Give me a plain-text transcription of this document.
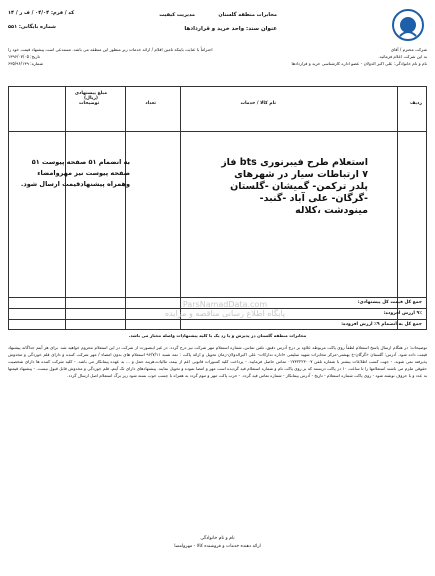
مخابرات منطقه گلستان
مدیریت کیفیت
کد / فرم: ۰۴/۰۴ / ف ر / ۱۴
عنوان سند: واحد خرید و قراردادها
شماره بایگانی: ۵۵۱
شرکت محترم / آقای
احتراماً با عنایت باینکه تامین اقلام / ارائه خدمات زیر منظور این منطقه می باشد. مستدعی است پیشنهاد قیمت خود را
به این شرکت اعلام فرمائید.
تاریخ: ۱۳۹۶/۰۷/۰۵
نام و نام خانوادگی: علی اکبر الدولان - عضو اداره کارشناسی خرید و قراردادها
شماره: ۶۳۵/۹۶/۱۳۹
ردیف
نام کالا / خدمات
تعداد
مبلغ پیشنهادی (ریال)
توضیحات
استعلام طرح فیبرنوری bts فاز ۷ ارتباطات سیار در شهرهای پلدر تركمن- گمیشان -گلستان -گرگان- علی آباد -گنبد- مینودشت ،کلاله
به انضمام ۵۱ صفحه پیوست ۵۱ صفحه پیوست نیز مهروامضاء وهمراه پیشنهادقیمت ارسال شود.
جمع کل قیمت کل پیشنهادی:
۹٪ ارزش افزوده:
جمع کل به انضمام ۹٪ ارزش افزوده:
ParsNamadData.com
پایگاه اطلاع رسانی مناقصه و مزایده
مخابرات منطقه گلستان در پذیرش و یا رد یک یا کلیه پیشنهادات واصله مختار می باشد.
توضیحات: در هنگام ارسال پاسخ استعلام لطفاً روی پاکت مربوطه علاوه بر درج آدرس دقیق، تلفن تماس، شماره استعلام مهر شرکت نیز درج گردد. در غیر اینصورت از شرکت در این استعلام محروم خواهید شد. برای هر آیتم جداگانه پیشنهاد قیمت داده شود. آدرس: گلستان «گرگان-خ بهشتی-مرکز مخابرات شهید سلیمی «اداره تدارکات- علی اکبرالدولان-زمان تحویل و ارائه پاکت : تمه شنبه ۹۶/۷/۱۱ استعلام های بدون امضاء / مهر شرکت کننده و دارای قلم خوردگی و مخدوش پذیرفته نمی شوند. - جهت کسب اطلاعات بیشتر با شماره تلفن ۰۱۷۳۲۲۲۳۰۰۷ تماس حاصل فرمایید. - پرداخت کلیه کسورات قانونی اعم از بیمه، مالیات،هزینه حمل و ... به عهده پیمانکار می باشد. - کلیه شرکت کننده ها دارای شخصیت حقوقی ملزم می باشند استعلامها را تا ساعت ۱۰ در پاکت دربسته که بر روی پاکت نام و شماره استعلام قید گردیده است مهر و امضا نموده و تحویل نمایند. پیشنهادهای دارای تک آیتم، قلم خوردگی و مخدوش قابل قبول نیست. - پیشنهاد قیمتها به عدد و با حروف نوشته شود - روی پاکت شماره استعلام - تاریخ - آدرس پیمانکار - شماره تماس قید گردد. - حرب پاکت مهر و موم گردد به همراه با چسب خوب بسته شود زیر برگ استعلام اصل ارسال گردد.
نام و نام خانوادگی
ارائه دهنده خدمات و فروشنده کالا - مهروامضا
